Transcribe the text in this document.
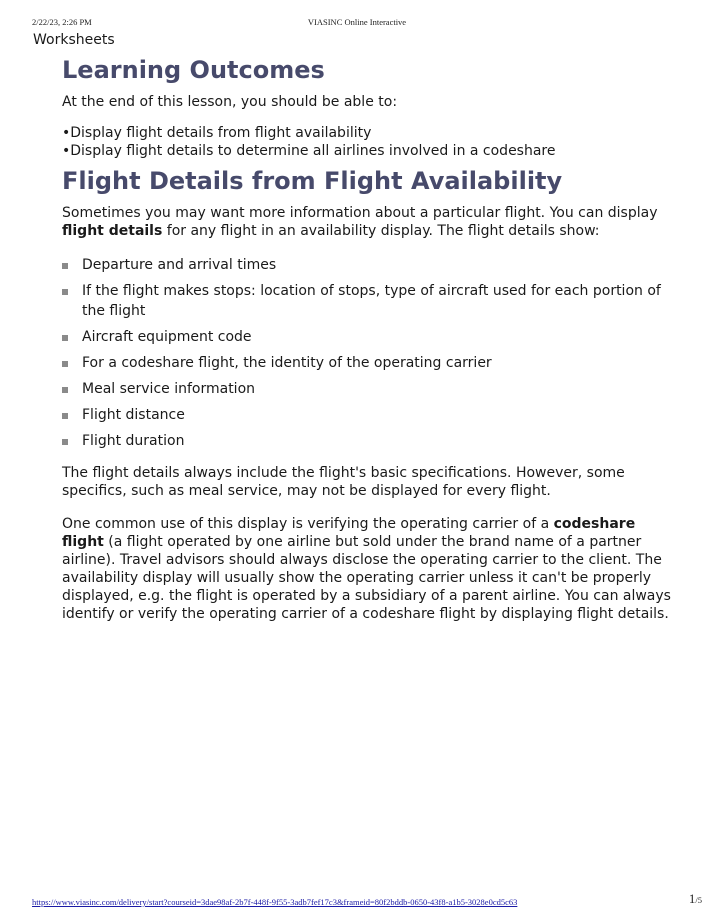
2/22/23, 2:26 PM	VIASINC Online Interactive
Worksheets
Learning Outcomes

At the end of this lesson, you should be able to:

•Display flight details from flight availability
•Display flight details to determine all airlines involved in a codeshare
Flight Details from Flight Availability

Sometimes you may want more information about a particular flight. You can display flight details for any flight in an availability display. The flight details show:

Departure and arrival times
If the flight makes stops: location of stops, type of aircraft used for each portion of the flight
Aircraft equipment code
For a codeshare flight, the identity of the operating carrier
Meal service information
Flight distance
Flight duration

The flight details always include the flight's basic specifications. However, some specifics, such as meal service, may not be displayed for every flight.

One common use of this display is verifying the operating carrier of a codeshare flight (a flight operated by one airline but sold under the brand name of a partner airline). Travel advisors should always disclose the operating carrier to the client. The availability display will usually show the operating carrier unless it can't be properly displayed, e.g. the flight is operated by a subsidiary of a parent airline. You can always identify or verify the operating carrier of a codeshare flight by displaying flight details.

https://www.viasinc.com/delivery/start?courseid=3dae98af-2b7f-448f-9f55-3adb7fef17c3&frameid=80f2bddb-0650-43f8-a1b5-3028e0cd5c63	1/5
